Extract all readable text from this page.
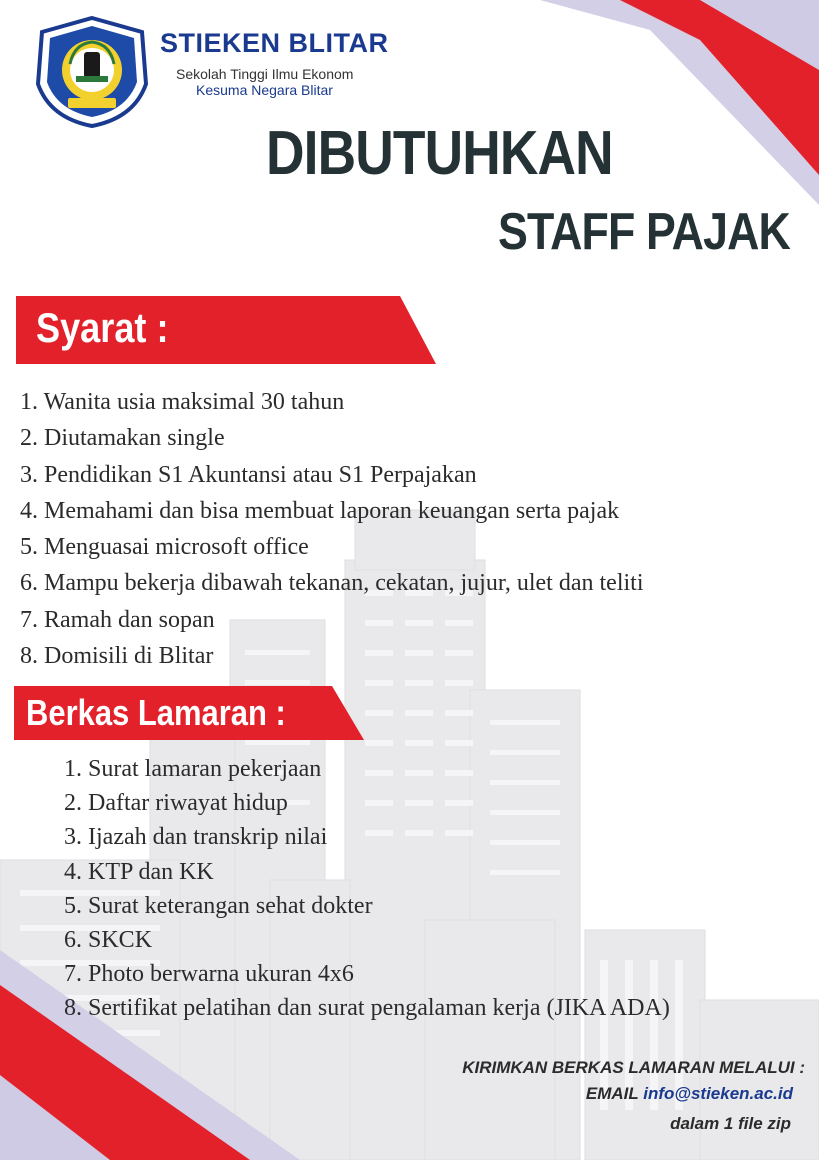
STIEKEN BLITAR
Sekolah Tinggi Ilmu Ekonom
Kesuma Negara Blitar
DIBUTUHKAN
STAFF PAJAK
Syarat :
1. Wanita usia maksimal 30 tahun
2. Diutamakan single
3. Pendidikan S1 Akuntansi atau S1 Perpajakan
4. Memahami dan bisa membuat laporan keuangan serta pajak
5. Menguasai microsoft office
6. Mampu bekerja dibawah tekanan, cekatan, jujur, ulet dan teliti
7. Ramah dan sopan
8. Domisili di Blitar
Berkas Lamaran :
1. Surat lamaran pekerjaan
2. Daftar riwayat hidup
3. Ijazah dan transkrip nilai
4. KTP dan KK
5. Surat keterangan sehat dokter
6. SKCK
7. Photo berwarna ukuran 4x6
8. Sertifikat pelatihan dan surat pengalaman kerja (JIKA ADA)
KIRIMKAN BERKAS LAMARAN MELALUI :
EMAIL info@stieken.ac.id
dalam 1 file zip
